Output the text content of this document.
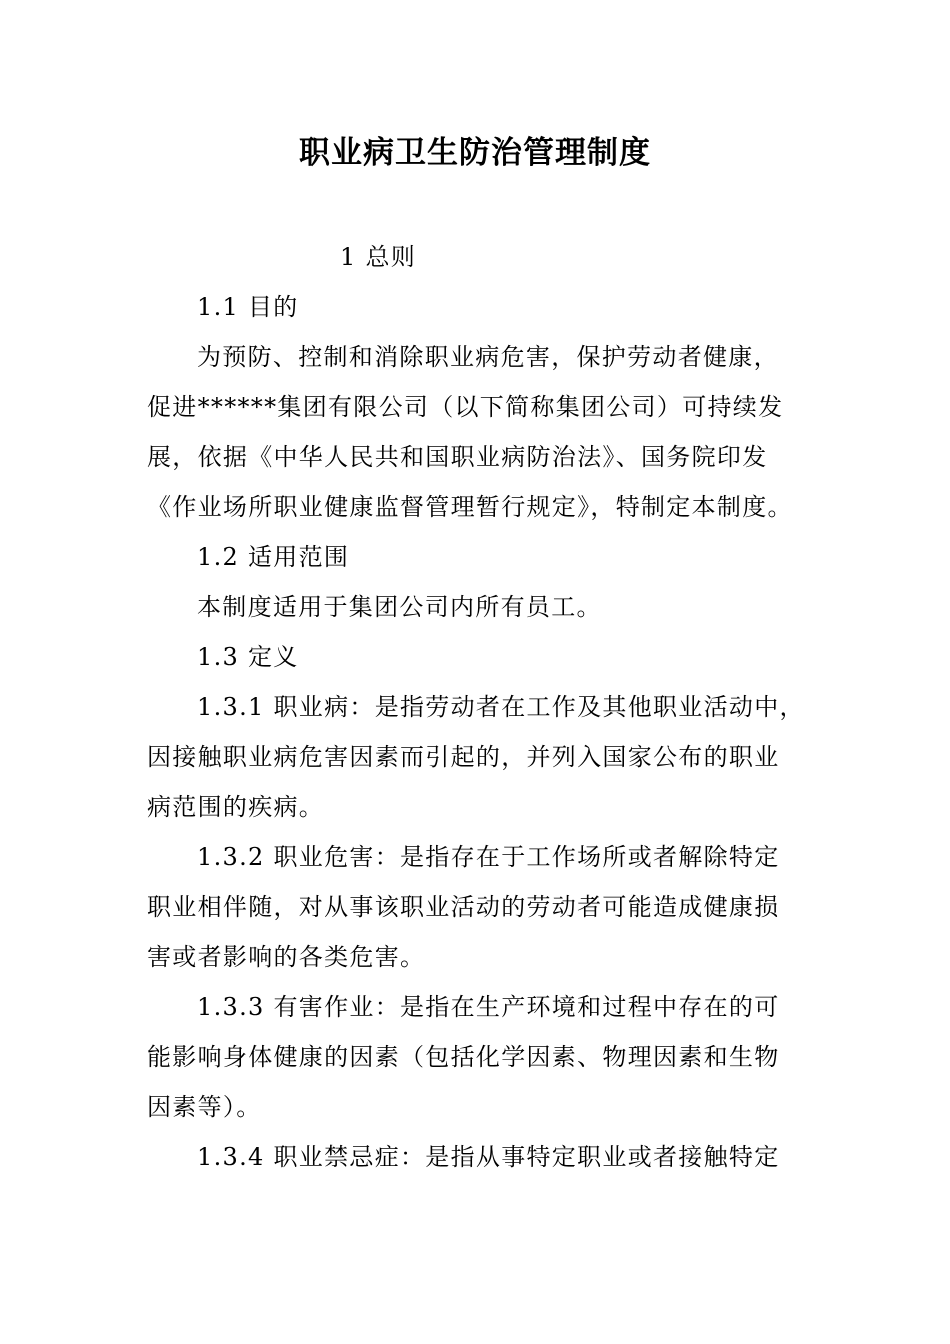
职业病卫生防治管理制度
1 总则
1.1 目的
为预防、控制和消除职业病危害，保护劳动者健康，
促进******集团有限公司（以下简称集团公司）可持续发
展，依据《中华人民共和国职业病防治法》、国务院印发
《作业场所职业健康监督管理暂行规定》，特制定本制度。
1.2 适用范围
本制度适用于集团公司内所有员工。
1.3 定义
1.3.1 职业病：是指劳动者在工作及其他职业活动中，
因接触职业病危害因素而引起的，并列入国家公布的职业
病范围的疾病。
1.3.2 职业危害：是指存在于工作场所或者解除特定
职业相伴随，对从事该职业活动的劳动者可能造成健康损
害或者影响的各类危害。
1.3.3 有害作业：是指在生产环境和过程中存在的可
能影响身体健康的因素（包括化学因素、物理因素和生物
因素等）。
1.3.4 职业禁忌症：是指从事特定职业或者接触特定
